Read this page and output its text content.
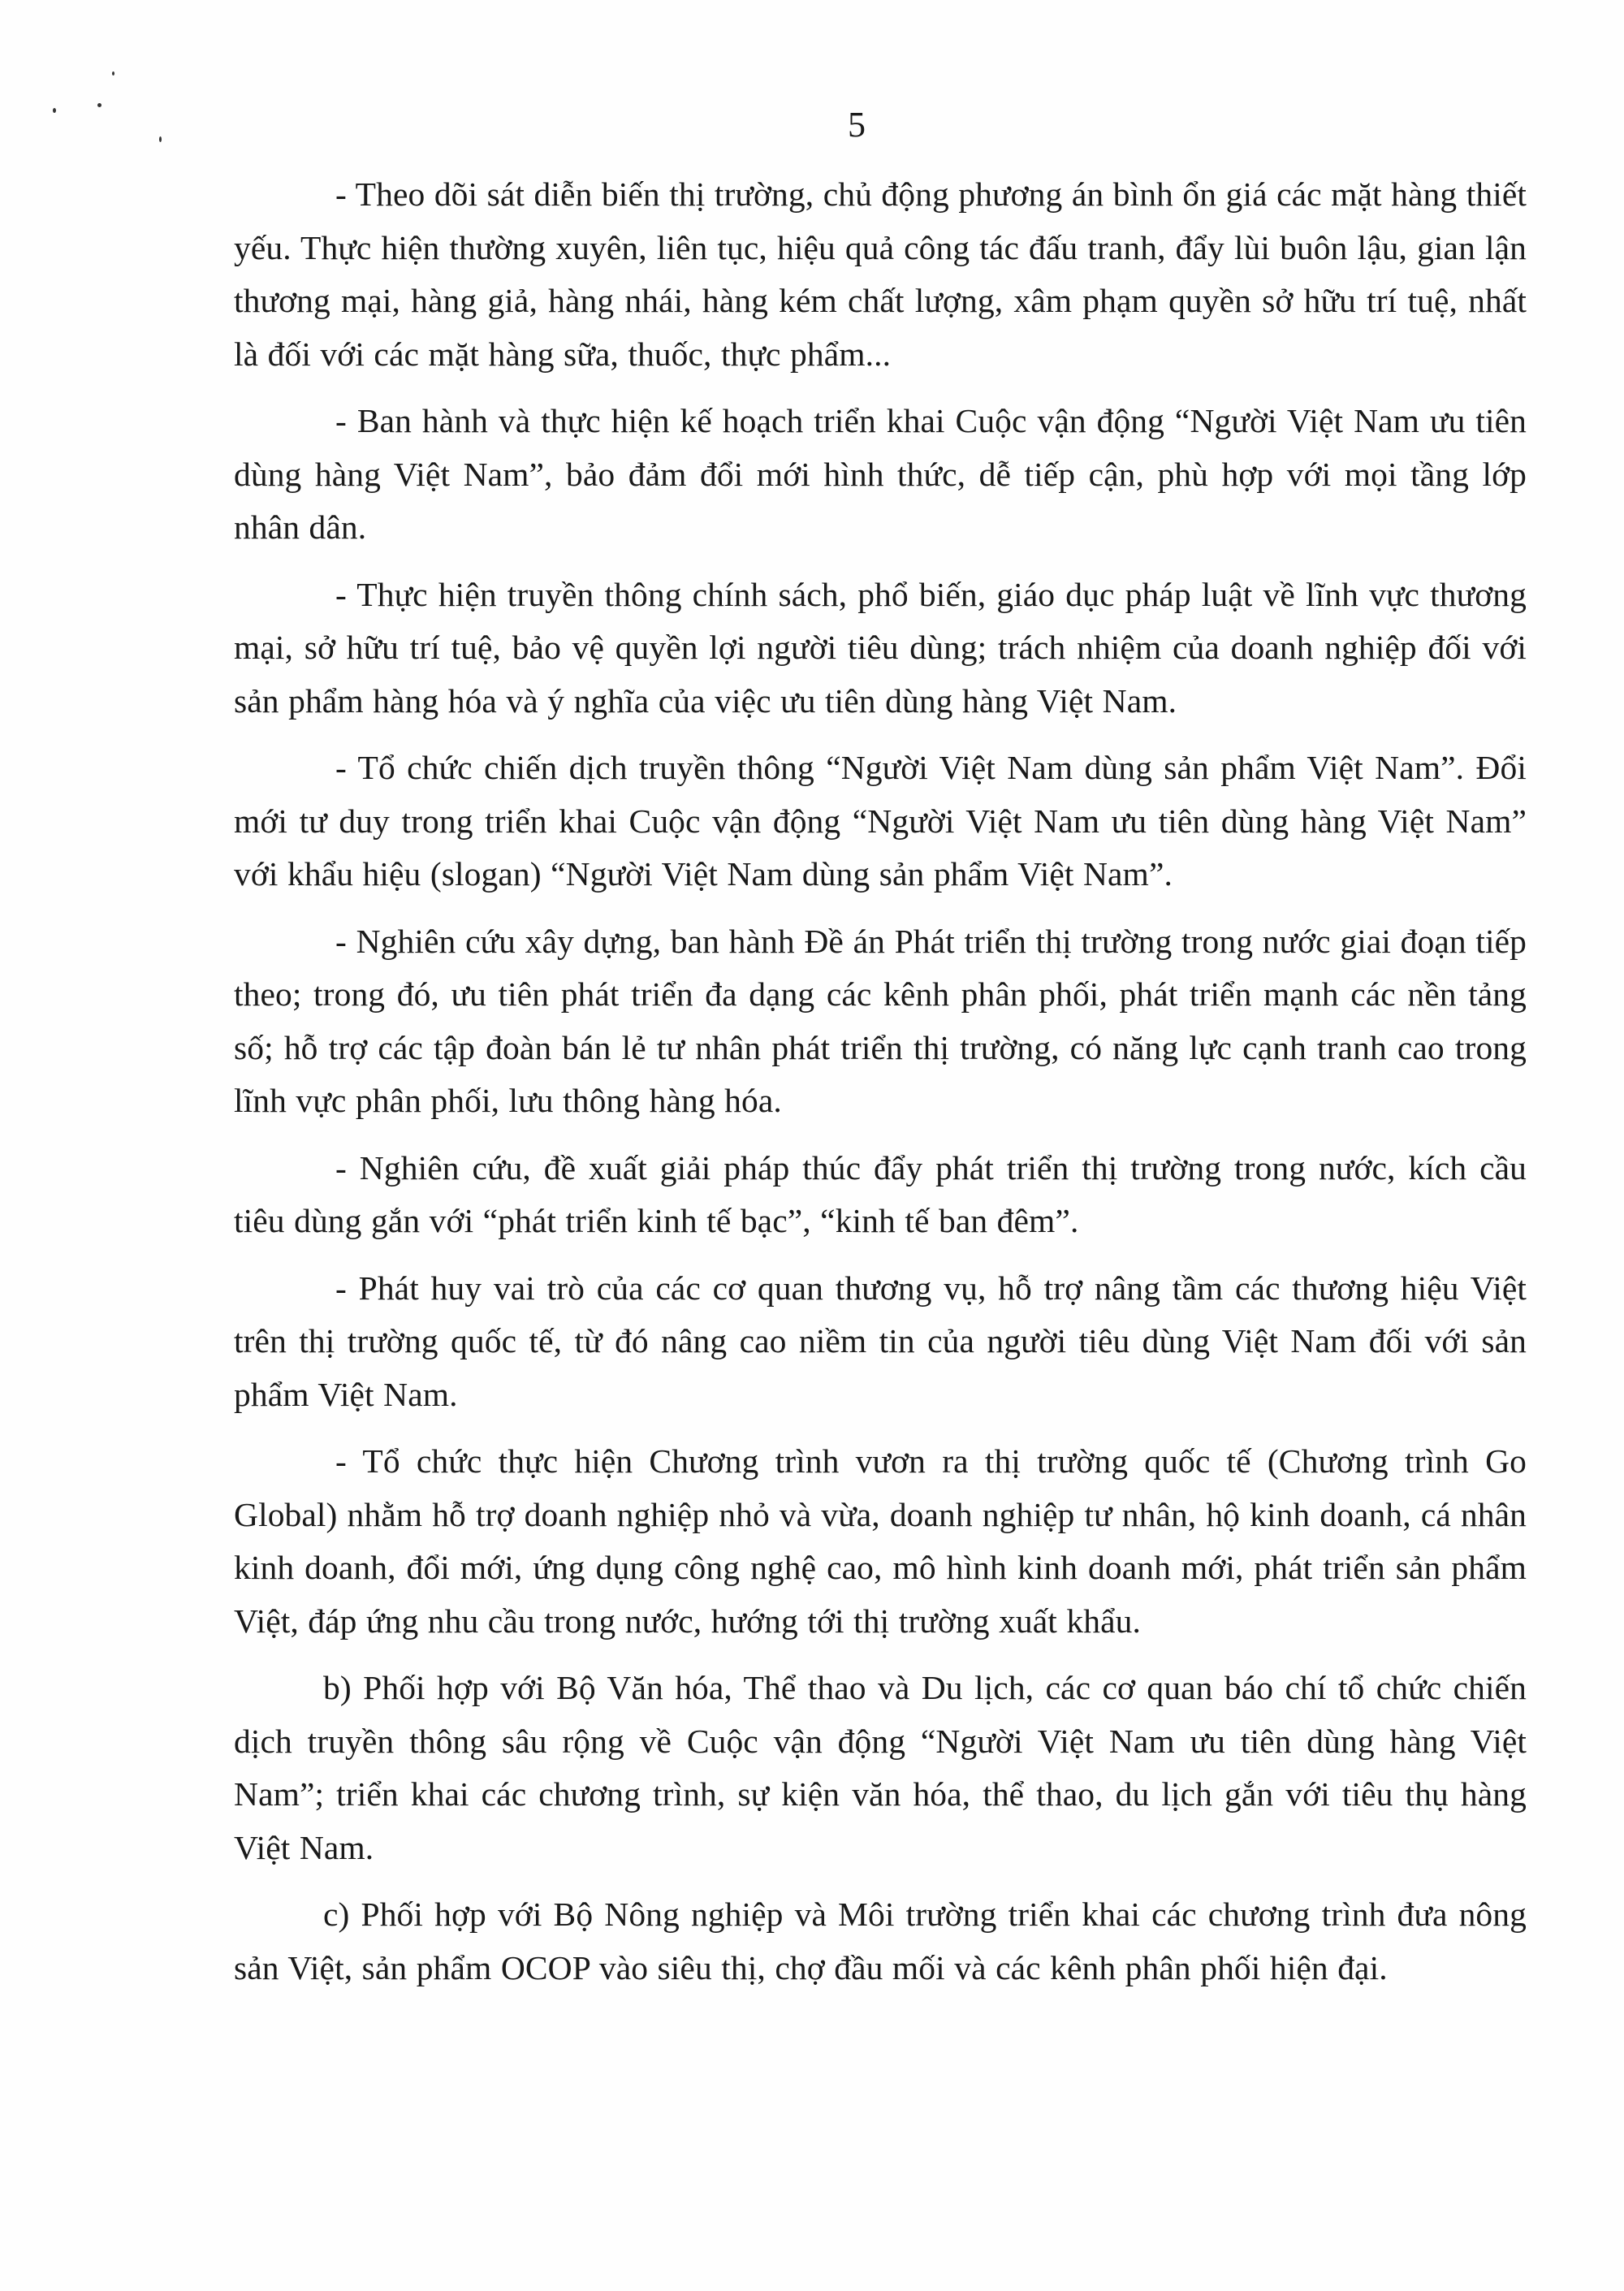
5

- Theo dõi sát diễn biến thị trường, chủ động phương án bình ổn giá các mặt hàng thiết yếu. Thực hiện thường xuyên, liên tục, hiệu quả công tác đấu tranh, đẩy lùi buôn lậu, gian lận thương mại, hàng giả, hàng nhái, hàng kém chất lượng, xâm phạm quyền sở hữu trí tuệ, nhất là đối với các mặt hàng sữa, thuốc, thực phẩm...

- Ban hành và thực hiện kế hoạch triển khai Cuộc vận động “Người Việt Nam ưu tiên dùng hàng Việt Nam”, bảo đảm đổi mới hình thức, dễ tiếp cận, phù hợp với mọi tầng lớp nhân dân.

- Thực hiện truyền thông chính sách, phổ biến, giáo dục pháp luật về lĩnh vực thương mại, sở hữu trí tuệ, bảo vệ quyền lợi người tiêu dùng; trách nhiệm của doanh nghiệp đối với sản phẩm hàng hóa và ý nghĩa của việc ưu tiên dùng hàng Việt Nam.

- Tổ chức chiến dịch truyền thông “Người Việt Nam dùng sản phẩm Việt Nam”. Đổi mới tư duy trong triển khai Cuộc vận động “Người Việt Nam ưu tiên dùng hàng Việt Nam” với khẩu hiệu (slogan) “Người Việt Nam dùng sản phẩm Việt Nam”.

- Nghiên cứu xây dựng, ban hành Đề án Phát triển thị trường trong nước giai đoạn tiếp theo; trong đó, ưu tiên phát triển đa dạng các kênh phân phối, phát triển mạnh các nền tảng số; hỗ trợ các tập đoàn bán lẻ tư nhân phát triển thị trường, có năng lực cạnh tranh cao trong lĩnh vực phân phối, lưu thông hàng hóa.

- Nghiên cứu, đề xuất giải pháp thúc đẩy phát triển thị trường trong nước, kích cầu tiêu dùng gắn với “phát triển kinh tế bạc”, “kinh tế ban đêm”.

- Phát huy vai trò của các cơ quan thương vụ, hỗ trợ nâng tầm các thương hiệu Việt trên thị trường quốc tế, từ đó nâng cao niềm tin của người tiêu dùng Việt Nam đối với sản phẩm Việt Nam.

- Tổ chức thực hiện Chương trình vươn ra thị trường quốc tế (Chương trình Go Global) nhằm hỗ trợ doanh nghiệp nhỏ và vừa, doanh nghiệp tư nhân, hộ kinh doanh, cá nhân kinh doanh, đổi mới, ứng dụng công nghệ cao, mô hình kinh doanh mới, phát triển sản phẩm Việt, đáp ứng nhu cầu trong nước, hướng tới thị trường xuất khẩu.

b) Phối hợp với Bộ Văn hóa, Thể thao và Du lịch, các cơ quan báo chí tổ chức chiến dịch truyền thông sâu rộng về Cuộc vận động “Người Việt Nam ưu tiên dùng hàng Việt Nam”; triển khai các chương trình, sự kiện văn hóa, thể thao, du lịch gắn với tiêu thụ hàng Việt Nam.

c) Phối hợp với Bộ Nông nghiệp và Môi trường triển khai các chương trình đưa nông sản Việt, sản phẩm OCOP vào siêu thị, chợ đầu mối và các kênh phân phối hiện đại.
